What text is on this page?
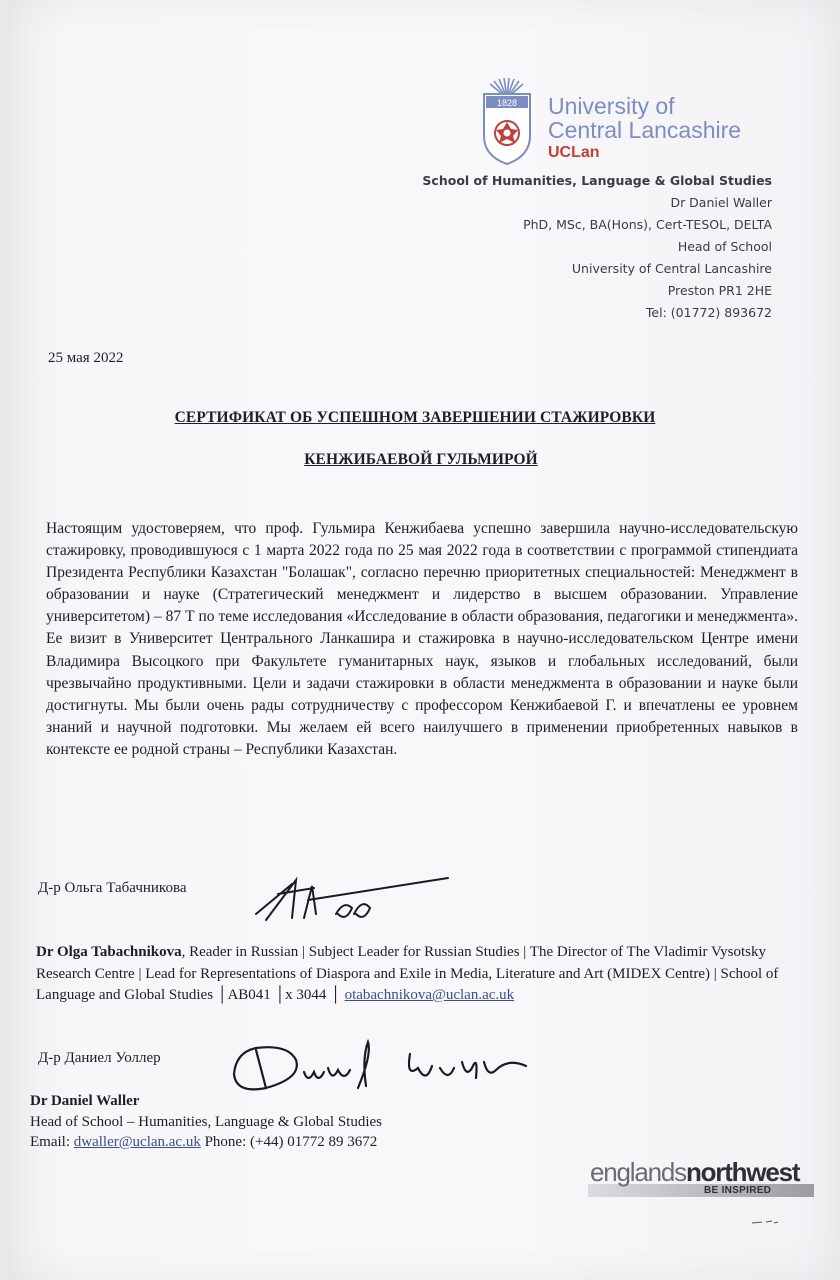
1828 University of
Central Lancashire
UCLan
School of Humanities, Language & Global Studies
Dr Daniel Waller
PhD, MSc, BA(Hons), Cert-TESOL, DELTA
Head of School
University of Central Lancashire
Preston PR1 2HE
Tel: (01772) 893672
25 мая 2022
СЕРТИФИКАТ ОБ УСПЕШНОМ ЗАВЕРШЕНИИ СТАЖИРОВКИ
КЕНЖИБАЕВОЙ ГУЛЬМИРОЙ
Настоящим удостоверяем, что проф. Гульмира Кенжибаева успешно завершила научно-исследовательскую стажировку, проводившуюся с 1 марта 2022 года по 25 мая 2022 года в соответствии с программой стипендиата Президента Республики Казахстан "Болашак", согласно перечню приоритетных специальностей: Менеджмент в образовании и науке (Стратегический менеджмент и лидерство в высшем образовании. Управление университетом) – 87 Т по теме исследования «Исследование в области образования, педагогики и менеджмента». Ее визит в Университет Центрального Ланкашира и стажировка в научно-исследовательском Центре имени Владимира Высоцкого при Факультете гуманитарных наук, языков и глобальных исследований, были чрезвычайно продуктивными. Цели и задачи стажировки в области менеджмента в образовании и науке были достигнуты. Мы были очень рады сотрудничеству с профессором Кенжибаевой Г. и впечатлены ее уровнем знаний и научной подготовки. Мы желаем ей всего наилучшего в применении приобретенных навыков в контексте ее родной страны – Республики Казахстан.
Д-р Ольга Табачникова
Dr Olga Tabachnikova, Reader in Russian | Subject Leader for Russian Studies | The Director of The Vladimir Vysotsky Research Centre | Lead for Representations of Diaspora and Exile in Media, Literature and Art (MIDEX Centre) | School of Language and Global Studies │AB041 │x 3044 │ otabachnikova@uclan.ac.uk
Д-р Даниел Уоллер
Dr Daniel Waller
Head of School – Humanities, Language & Global Studies
Email: dwaller@uclan.ac.uk Phone: (+44) 01772 89 3672
englandsnorthwest
BE INSPIRED
